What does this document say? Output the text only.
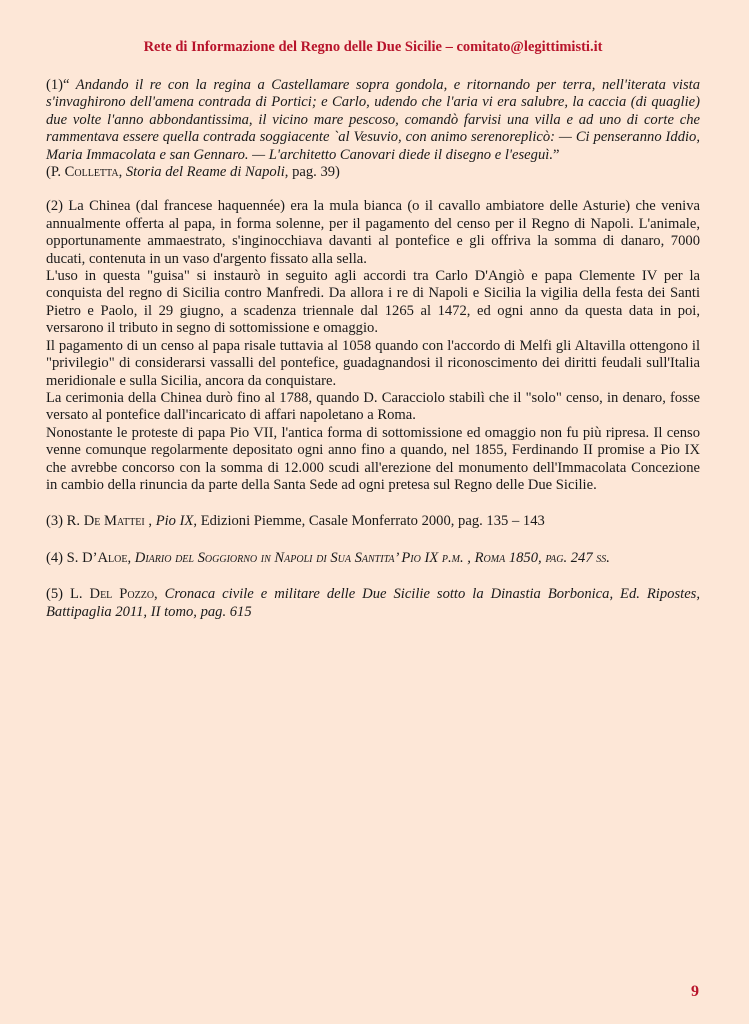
Rete di Informazione del Regno delle Due Sicilie – comitato@legittimisti.it
(1)“ Andando il re con la regina a Castellamare sopra gondola, e ritornando per terra, nell'iterata vista s'invaghirono dell'amena contrada di Portici; e Carlo, udendo che l'aria vi era salubre, la caccia (di quaglie) due volte l'anno abbondantissima, il vicino mare pescoso, comandò farvisi una villa e ad uno di corte che rammentava essere quella contrada soggiacente `al Vesuvio, con animo serenoreplicò: — Ci penseranno Iddio, Maria Immacolata e san Gennaro. — L'architetto Canovari diede il disegno e l'eseguì.”
(P. Colletta, Storia del Reame di Napoli, pag. 39)

(2) La Chinea (dal francese haquennée) era la mula bianca (o il cavallo ambiatore delle Asturie) che veniva annualmente offerta al papa, in forma solenne, per il pagamento del censo per il Regno di Napoli. L'animale, opportunamente ammaestrato, s'inginocchiava davanti al pontefice e gli offriva la somma di danaro, 7000 ducati, contenuta in un vaso d'argento fissato alla sella.

L'uso in questa "guisa" si instaurò in seguito agli accordi tra Carlo D'Angiò e papa Clemente IV per la conquista del regno di Sicilia contro Manfredi. Da allora i re di Napoli e Sicilia la vigilia della festa dei Santi Pietro e Paolo, il 29 giugno, a scadenza triennale dal 1265 al 1472, ed ogni anno da questa data in poi, versarono il tributo in segno di sottomissione e omaggio.

Il pagamento di un censo al papa risale tuttavia al 1058 quando con l'accordo di Melfi gli Altavilla ottengono il "privilegio" di considerarsi vassalli del pontefice, guadagnandosi il riconoscimento dei diritti feudali sull'Italia meridionale e sulla Sicilia, ancora da conquistare.

La cerimonia della Chinea durò fino al 1788, quando D. Caracciolo stabilì che il "solo" censo, in denaro, fosse versato al pontefice dall'incaricato di affari napoletano a Roma.

Nonostante le proteste di papa Pio VII, l'antica forma di sottomissione ed omaggio non fu più ripresa. Il censo venne comunque regolarmente depositato ogni anno fino a quando, nel 1855, Ferdinando II promise a Pio IX che avrebbe concorso con la somma di 12.000 scudi all'erezione del monumento dell'Immacolata Concezione in cambio della rinuncia da parte della Santa Sede ad ogni pretesa sul Regno delle Due Sicilie.

(3) R. De Mattei , Pio IX, Edizioni Piemme, Casale Monferrato 2000, pag. 135 – 143
(4) S. D’Aloe, Diario del Soggiorno in Napoli di Sua Santita’ Pio IX p.m. , Roma 1850, pag. 247 ss.
(5) L. Del Pozzo, Cronaca civile e militare delle Due Sicilie sotto la Dinastia Borbonica, Ed. Ripostes, Battipaglia 2011, II tomo, pag. 615
9
